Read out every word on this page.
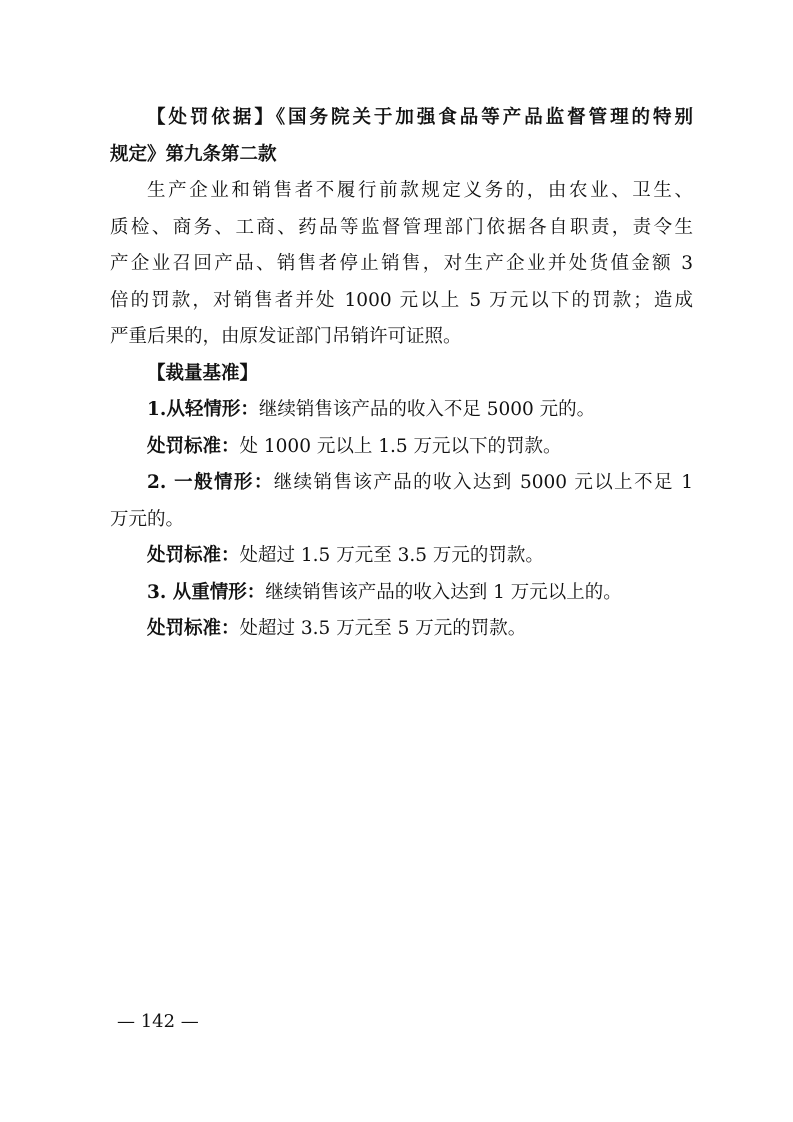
【处罚依据】《国务院关于加强食品等产品监督管理的特别
规定》第九条第二款
生产企业和销售者不履行前款规定义务的，由农业、卫生、
质检、商务、工商、药品等监督管理部门依据各自职责，责令生
产企业召回产品、销售者停止销售，对生产企业并处货值金额 3
倍的罚款，对销售者并处 1000 元以上 5 万元以下的罚款；造成
严重后果的，由原发证部门吊销许可证照。
【裁量基准】
1.从轻情形：继续销售该产品的收入不足 5000 元的。
处罚标准：处 1000 元以上 1.5 万元以下的罚款。
2. 一般情形：继续销售该产品的收入达到 5000 元以上不足 1
万元的。
处罚标准：处超过 1.5 万元至 3.5 万元的罚款。
3. 从重情形：继续销售该产品的收入达到 1 万元以上的。
处罚标准：处超过 3.5 万元至 5 万元的罚款。
— 142 —
